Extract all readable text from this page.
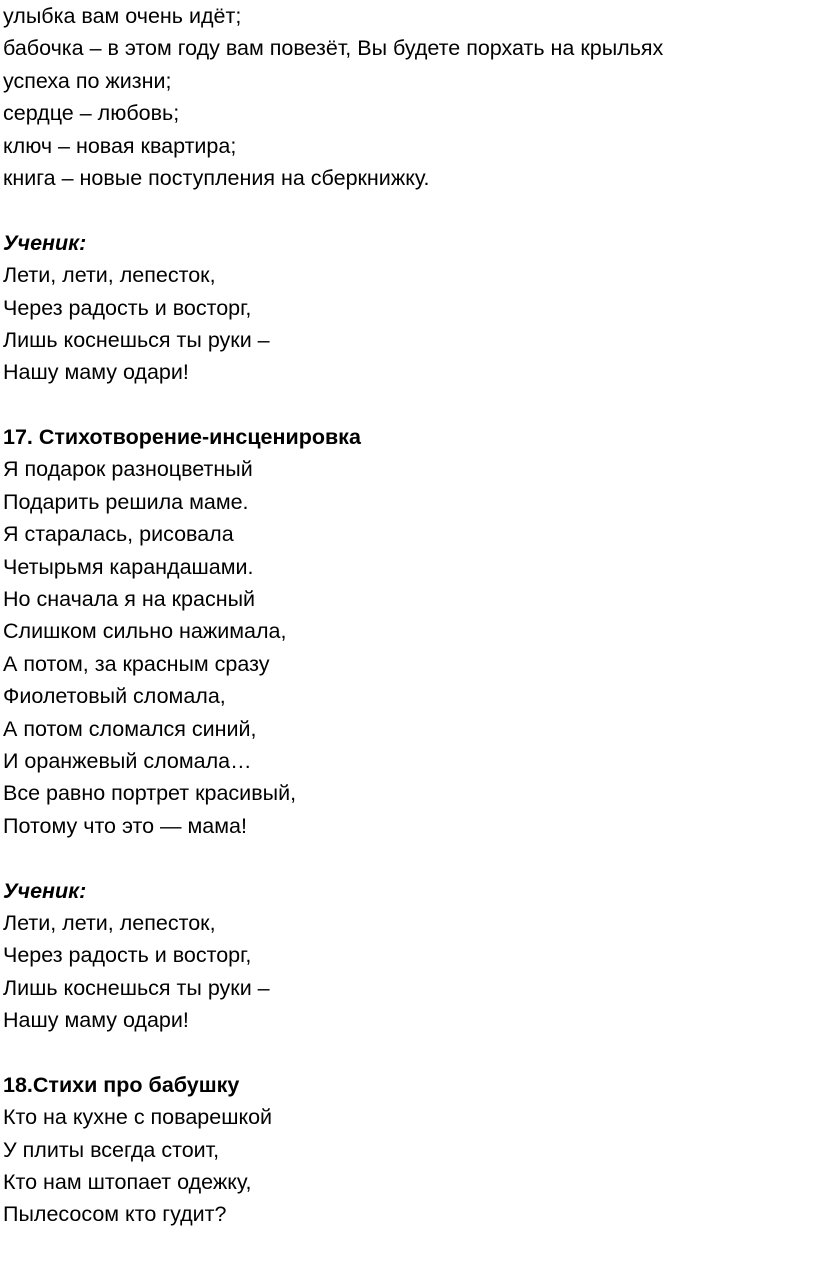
улыбка вам очень идёт;
бабочка – в этом году вам повезёт, Вы будете порхать на крыльях
успеха по жизни;
сердце – любовь;
ключ – новая квартира;
книга – новые поступления на сберкнижку.
Ученик:
Лети, лети, лепесток,
Через радость и восторг,
Лишь коснешься ты руки –
Нашу маму одари!
17. Стихотворение-инсценировка
Я подарок разноцветный
Подарить решила маме.
Я старалась, рисовала
Четырьмя карандашами.
Но сначала я на красный
Слишком сильно нажимала,
А потом, за красным сразу
Фиолетовый сломала,
А потом сломался синий,
И оранжевый сломала…
Все равно портрет красивый,
Потому что это — мама!
Ученик:
Лети, лети, лепесток,
Через радость и восторг,
Лишь коснешься ты руки –
Нашу маму одари!
18.Стихи про бабушку
Кто на кухне с поварешкой
У плиты всегда стоит,
Кто нам штопает одежку,
Пылесосом кто гудит?
